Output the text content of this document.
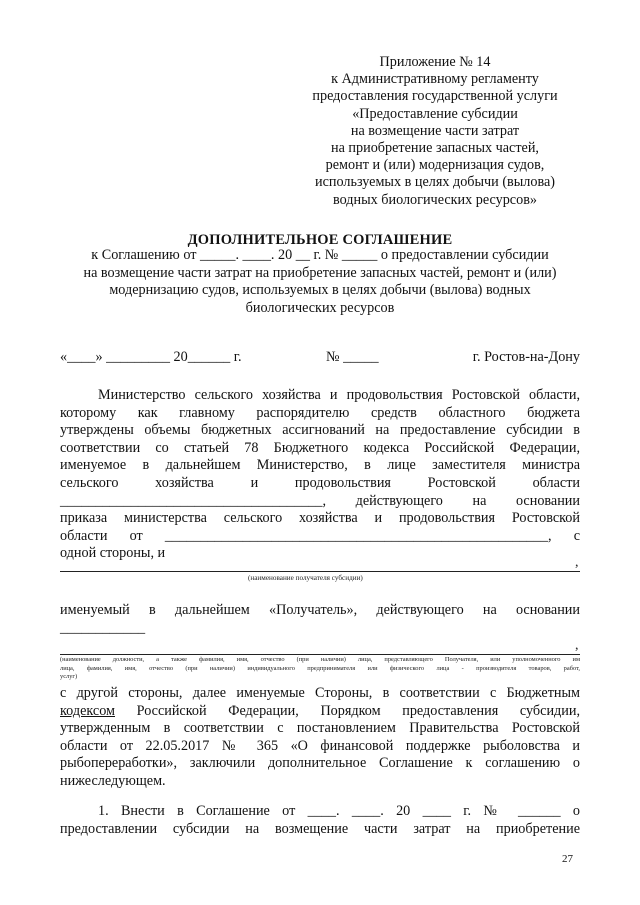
Приложение № 14
к Административному регламенту
предоставления государственной услуги
«Предоставление субсидии
на возмещение части затрат
на приобретение запасных частей,
ремонт и (или) модернизация судов,
используемых в целях добычи (вылова)
водных биологических ресурсов»
ДОПОЛНИТЕЛЬНОЕ СОГЛАШЕНИЕ
к Соглашению от _____. ____. 20 __ г. № _____ о предоставлении субсидии
на возмещение части затрат на приобретение запасных частей, ремонт и (или)
модернизацию судов, используемых в целях добычи (вылова) водных
биологических ресурсов
«____» _________ 20______ г.	№ _____	г. Ростов-на-Дону
Министерство сельского хозяйства и продовольствия Ростовской области,
которому как главному распорядителю средств областного бюджета
утверждены объемы бюджетных ассигнований на предоставление субсидии в
соответствии со статьей 78 Бюджетного кодекса Российской Федерации,
именуемое в дальнейшем Министерство, в лице заместителя министра
сельского хозяйства и продовольствия Ростовской области
_____________________________________, действующего на основании
приказа министерства сельского хозяйства и продовольствия Ростовской
области от ______________________________________________________, с
одной стороны, и
,
(наименование получателя субсидии)
именуемый в дальнейшем «Получатель», действующего на основании
____________
,
(наименование должности, а также фамилия, имя, отчество (при наличии) лица, представляющего Получателя, или уполномоченного им
лица, фамилия, имя, отчество (при наличии) индивидуального предпринимателя или физического лица - производителя товаров, работ,
услуг)
с другой стороны, далее именуемые Стороны, в соответствии с Бюджетным
кодексом Российской Федерации, Порядком предоставления субсидии,
утвержденным в соответствии с постановлением Правительства Ростовской
области от 22.05.2017 № 365 «О финансовой поддержке рыболовства и
рыбопереработки», заключили дополнительное Соглашение к соглашению о
нижеследующем.
1. Внести в Соглашение от ____. ____. 20 ____ г. № ______ о
предоставлении субсидии на возмещение части затрат на приобретение
27
